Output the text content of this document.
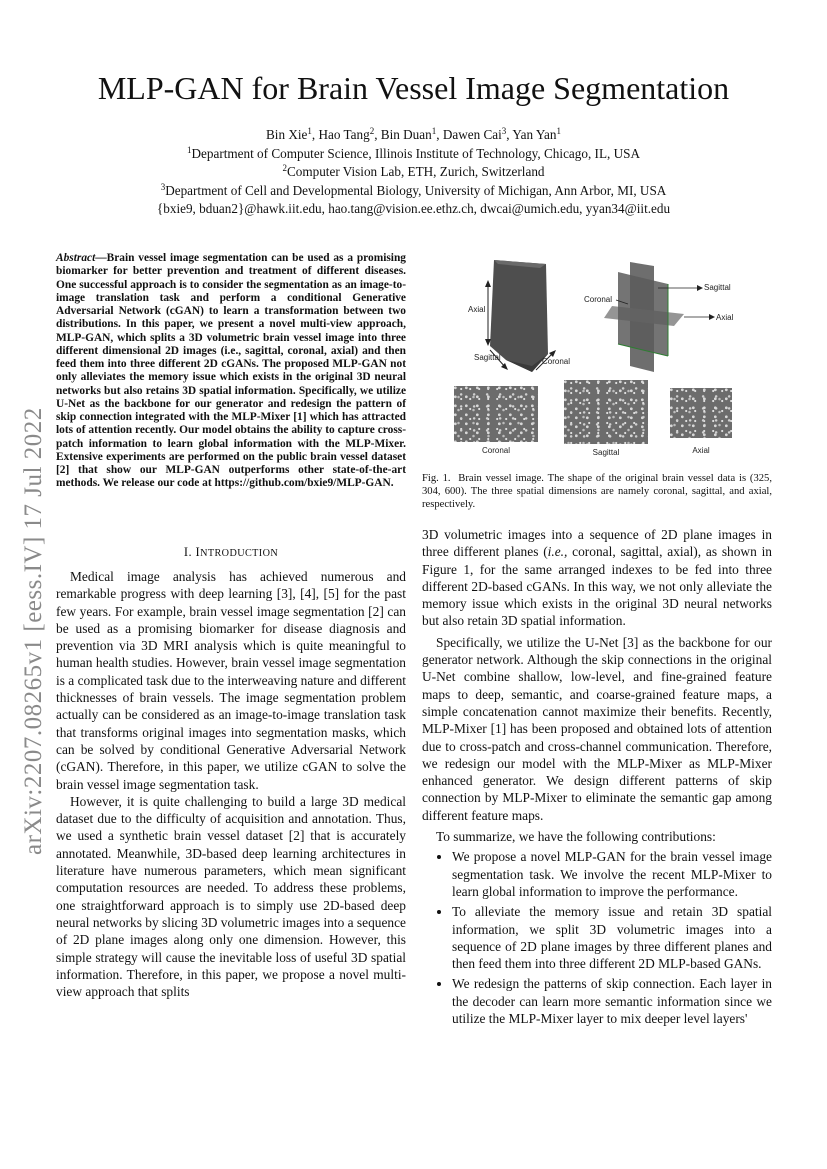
arXiv:2207.08265v1 [eess.IV] 17 Jul 2022
MLP-GAN for Brain Vessel Image Segmentation
Bin Xie$^1$, Hao Tang$^2$, Bin Duan$^1$, Dawen Cai$^3$, Yan Yan$^1$
$^1$Department of Computer Science, Illinois Institute of Technology, Chicago, IL, USA
$^2$Computer Vision Lab, ETH, Zurich, Switzerland
$^3$Department of Cell and Developmental Biology, University of Michigan, Ann Arbor, MI, USA
{bxie9, bduan2}@hawk.iit.edu, hao.tang@vision.ee.ethz.ch, dwcai@umich.edu, yyan34@iit.edu
Abstract—Brain vessel image segmentation can be used as a promising biomarker for better prevention and treatment of different diseases. One successful approach is to consider the segmentation as an image-to-image translation task and perform a conditional Generative Adversarial Network (cGAN) to learn a transformation between two distributions. In this paper, we present a novel multi-view approach, MLP-GAN, which splits a 3D volumetric brain vessel image into three different dimensional 2D images (i.e., sagittal, coronal, axial) and then feed them into three different 2D cGANs. The proposed MLP-GAN not only alleviates the memory issue which exists in the original 3D neural networks but also retains 3D spatial information. Specifically, we utilize U-Net as the backbone for our generator and redesign the pattern of skip connection integrated with the MLP-Mixer [1] which has attracted lots of attention recently. Our model obtains the ability to capture cross-patch information to learn global information with the MLP-Mixer. Extensive experiments are performed on the public brain vessel dataset [2] that show our MLP-GAN outperforms other state-of-the-art methods. We release our code at https://github.com/bxie9/MLP-GAN.
I. INTRODUCTION

Medical image analysis has achieved numerous and remarkable progress with deep learning [3], [4], [5] for the past few years. For example, brain vessel image segmentation [2] can be used as a promising biomarker for disease diagnosis and prevention via 3D MRI analysis which is quite meaningful to human health studies. However, brain vessel image segmentation is a complicated task due to the interweaving nature and different thicknesses of brain vessels. The image segmentation problem actually can be considered as an image-to-image translation task that transforms original images into segmentation masks, which can be solved by conditional Generative Adversarial Network (cGAN). Therefore, in this paper, we utilize cGAN to solve the brain vessel image segmentation task.

However, it is quite challenging to build a large 3D medical dataset due to the difficulty of acquisition and annotation. Thus, we used a synthetic brain vessel dataset [2] that is accurately annotated. Meanwhile, 3D-based deep learning architectures in literature have numerous parameters, which mean significant computation resources are needed. To address these problems, one straightforward approach is to simply use 2D-based deep neural networks by slicing 3D volumetric images into a sequence of 2D plane images along only one dimension. However, this simple strategy will cause the inevitable loss of useful 3D spatial information. Therefore, in this paper, we propose a novel multi-view approach that splits

Axial
Sagittal	Coronal
Coronal
Sagittal
Axial
Coronal	Sagittal	Axial
Fig. 1. Brain vessel image. The shape of the original brain vessel data is (325, 304, 600). The three spatial dimensions are namely coronal, sagittal, and axial, respectively.

3D volumetric images into a sequence of 2D plane images in three different planes (i.e., coronal, sagittal, axial), as shown in Figure 1, for the same arranged indexes to be fed into three different 2D-based cGANs. In this way, we not only alleviate the memory issue which exists in the original 3D neural networks but also retain 3D spatial information.

Specifically, we utilize the U-Net [3] as the backbone for our generator network. Although the skip connections in the original U-Net combine shallow, low-level, and fine-grained feature maps to deep, semantic, and coarse-grained feature maps, a simple concatenation cannot maximize their benefits. Recently, MLP-Mixer [1] has been proposed and obtained lots of attention due to cross-patch and cross-channel communication. Therefore, we redesign our model with the MLP-Mixer as MLP-Mixer enhanced generator. We design different patterns of skip connection by MLP-Mixer to eliminate the semantic gap among different feature maps.

To summarize, we have the following contributions:

• We propose a novel MLP-GAN for the brain vessel image segmentation task. We involve the recent MLP-Mixer to learn global information to improve the performance.
• To alleviate the memory issue and retain 3D spatial information, we split 3D volumetric images into a sequence of 2D plane images by three different planes and then feed them into three different 2D MLP-based GANs.
• We redesign the patterns of skip connection. Each layer in the decoder can learn more semantic information since we utilize the MLP-Mixer layer to mix deeper level layers'
